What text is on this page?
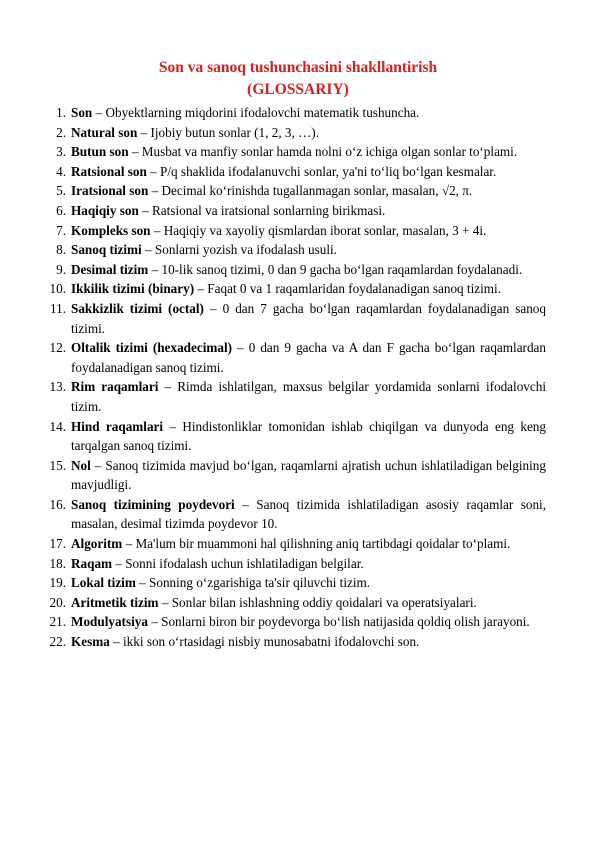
Son va sanoq tushunchasini shakllantirish
(GLOSSARIY)
1. Son – Obyektlarning miqdorini ifodalovchi matematik tushuncha.
2. Natural son – Ijobiy butun sonlar (1, 2, 3, …).
3. Butun son – Musbat va manfiy sonlar hamda nolni o‘z ichiga olgan sonlar to‘plami.
4. Ratsional son – P/q shaklida ifodalanuvchi sonlar, ya'ni to‘liq bo‘lgan kesmalar.
5. Iratsional son – Decimal ko‘rinishda tugallanmagan sonlar, masalan, √2, π.
6. Haqiqiy son – Ratsional va iratsional sonlarning birikmasi.
7. Kompleks son – Haqiqiy va xayoliy qismlardan iborat sonlar, masalan, 3 + 4i.
8. Sanoq tizimi – Sonlarni yozish va ifodalash usuli.
9. Desimal tizim – 10-lik sanoq tizimi, 0 dan 9 gacha bo‘lgan raqamlardan foydalanadi.
10. Ikkilik tizimi (binary) – Faqat 0 va 1 raqamlaridan foydalanadigan sanoq tizimi.
11. Sakkizlik tizimi (octal) – 0 dan 7 gacha bo‘lgan raqamlardan foydalanadigan sanoq tizimi.
12. Oltalik tizimi (hexadecimal) – 0 dan 9 gacha va A dan F gacha bo‘lgan raqamlardan foydalanadigan sanoq tizimi.
13. Rim raqamlari – Rimda ishlatilgan, maxsus belgilar yordamida sonlarni ifodalovchi tizim.
14. Hind raqamlari – Hindistonliklar tomonidan ishlab chiqilgan va dunyoda eng keng tarqalgan sanoq tizimi.
15. Nol – Sanoq tizimida mavjud bo‘lgan, raqamlarni ajratish uchun ishlatiladigan belgining mavjudligi.
16. Sanoq tizimining poydevori – Sanoq tizimida ishlatiladigan asosiy raqamlar soni, masalan, desimal tizimda poydevor 10.
17. Algoritm – Ma'lum bir muammoni hal qilishning aniq tartibdagi qoidalar to‘plami.
18. Raqam – Sonni ifodalash uchun ishlatiladigan belgilar.
19. Lokal tizim – Sonning o‘zgarishiga ta'sir qiluvchi tizim.
20. Aritmetik tizim – Sonlar bilan ishlashning oddiy qoidalari va operatsiyalari.
21. Modulyatsiya – Sonlarni biron bir poydevorga bo‘lish natijasida qoldiq olish jarayoni.
22. Kesma – ikki son o‘rtasidagi nisbiy munosabatni ifodalovchi son.
